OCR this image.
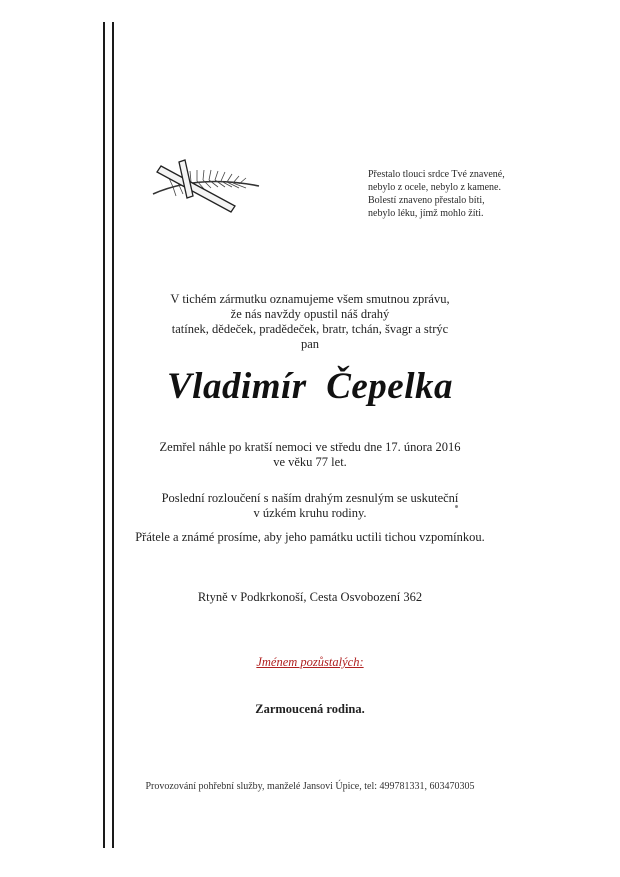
Přestalo tlouci srdce Tvé znavené,
nebylo z ocele, nebylo z kamene.
Bolestí znaveno přestalo bíti,
nebylo léku, jímž mohlo žíti.
V tichém zármutku oznamujeme všem smutnou zprávu,
že nás navždy opustil náš drahý
tatínek, dědeček, pradědeček, bratr, tchán, švagr a strýc
pan
Vladimír  Čepelka
Zemřel náhle po kratší nemoci ve středu dne 17. února 2016
ve věku 77 let.
Poslední rozloučení s naším drahým zesnulým se uskuteční
v úzkém kruhu rodiny.
Přátele a známé prosíme, aby jeho památku uctili tichou vzpomínkou.
Rtyně v Podkrkonoší, Cesta Osvobození 362
Jménem pozůstalých:
Zarmoucená rodina.
Provozování pohřební služby, manželé Jansovi Úpice, tel: 499781331, 603470305
